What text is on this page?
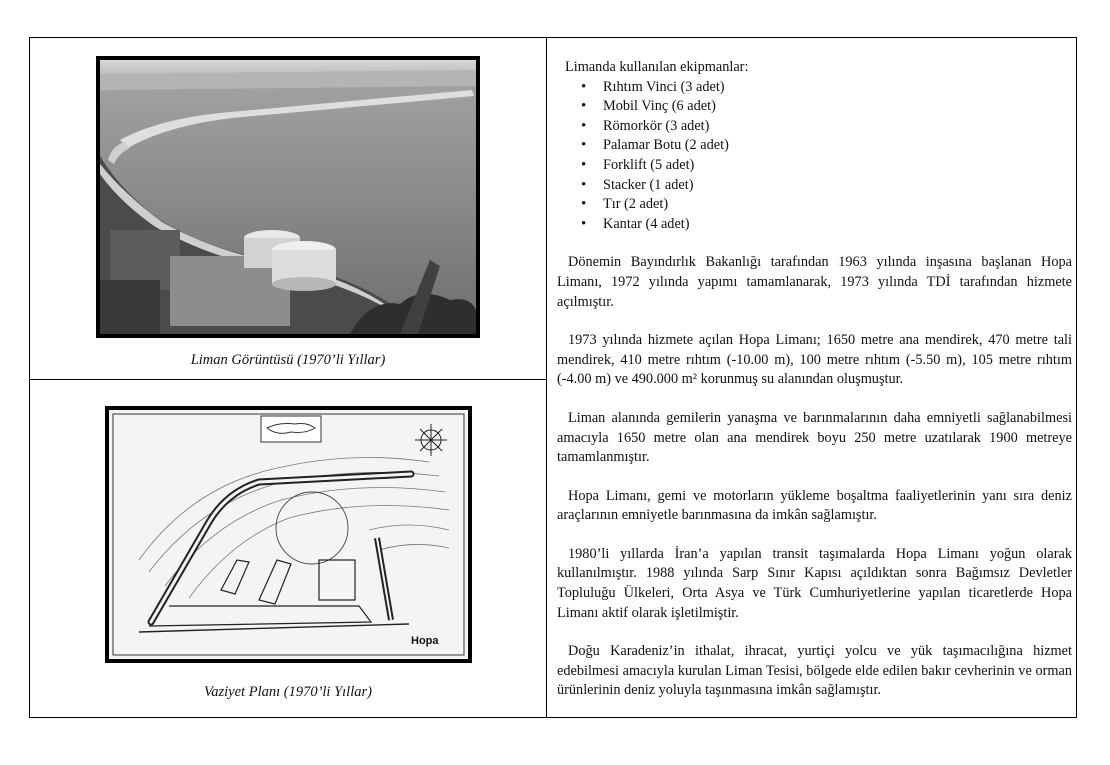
Liman Görüntüsü (1970’li Yıllar)
Hopa
Vaziyet Planı (1970’li Yıllar)

Limanda kullanılan ekipmanlar:

• Rıhtım Vinci (3 adet)
• Mobil Vinç (6 adet)
• Römorkör (3 adet)
• Palamar Botu (2 adet)
• Forklift (5 adet)
• Stacker (1 adet)
• Tır (2 adet)
• Kantar (4 adet)

Dönemin Bayındırlık Bakanlığı tarafından 1963 yılında inşasına başlanan Hopa Limanı, 1972 yılında yapımı tamamlanarak, 1973 yılında TDİ tarafından hizmete açılmıştır.

1973 yılında hizmete açılan Hopa Limanı; 1650 metre ana mendirek, 470 metre tali mendirek, 410 metre rıhtım (-10.00 m), 100 metre rıhtım (-5.50 m), 105 metre rıhtım (-4.00 m) ve 490.000 m² korunmuş su alanından oluşmuştur.

Liman alanında gemilerin yanaşma ve barınmalarının daha emniyetli sağlanabilmesi amacıyla 1650 metre olan ana mendirek boyu 250 metre uzatılarak 1900 metreye tamamlanmıştır.

Hopa Limanı, gemi ve motorların yükleme boşaltma faaliyetlerinin yanı sıra deniz araçlarının emniyetle barınmasına da imkân sağlamıştır.

1980’li yıllarda İran’a yapılan transit taşımalarda Hopa Limanı yoğun olarak kullanılmıştır. 1988 yılında Sarp Sınır Kapısı açıldıktan sonra Bağımsız Devletler Topluluğu Ülkeleri, Orta Asya ve Türk Cumhuriyetlerine yapılan ticaretlerde Hopa Limanı aktif olarak işletilmiştir.

Doğu Karadeniz’in ithalat, ihracat, yurtiçi yolcu ve yük taşımacılığına hizmet edebilmesi amacıyla kurulan Liman Tesisi, bölgede elde edilen bakır cevherinin ve orman ürünlerinin deniz yoluyla taşınmasına imkân sağlamıştır.
